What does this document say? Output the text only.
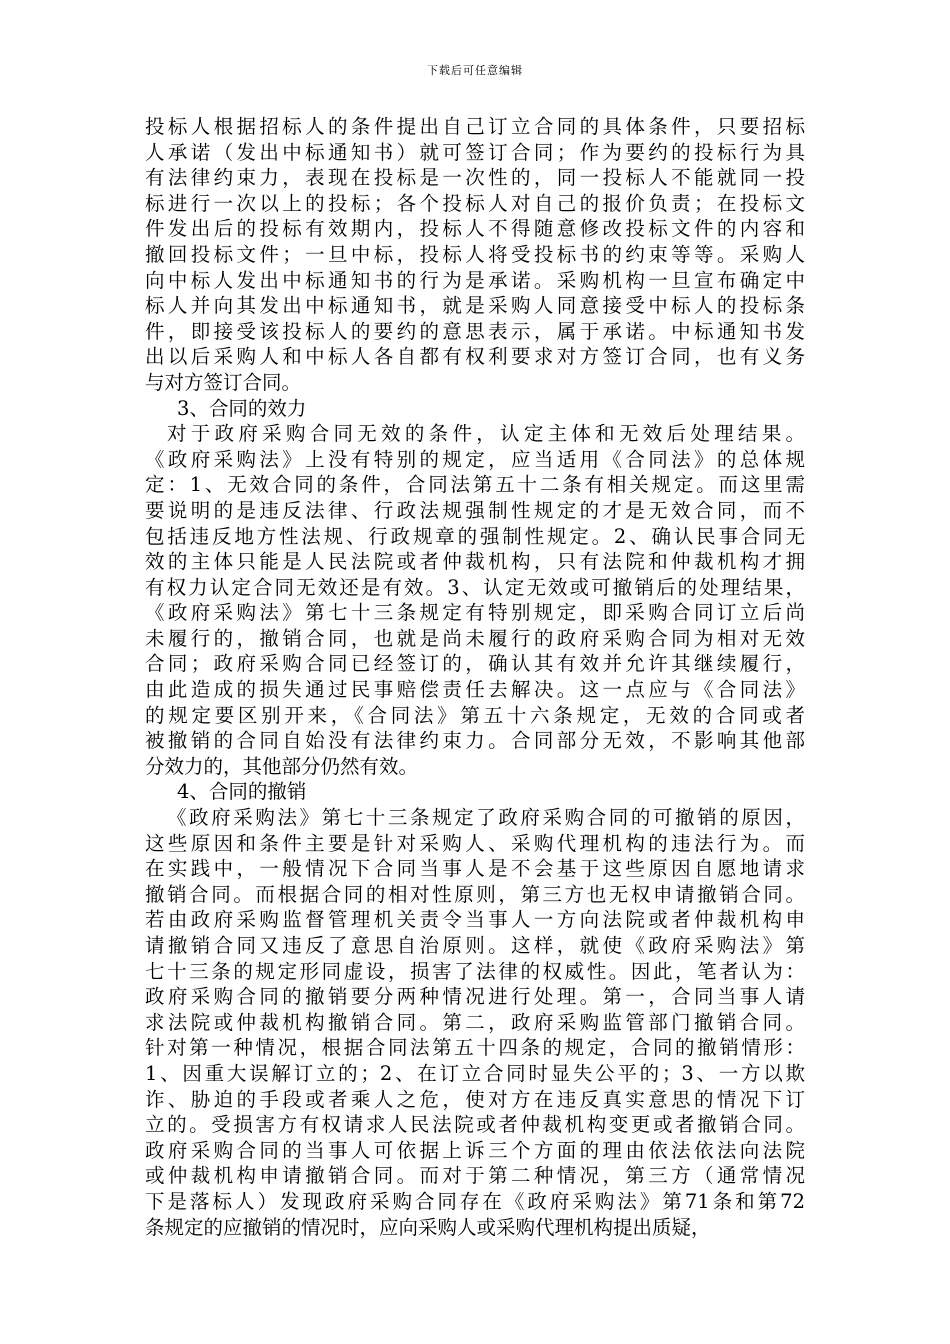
下载后可任意编辑
投标人根据招标人的条件提出自己订立合同的具体条件，只要招标
人承诺（发出中标通知书）就可签订合同；作为要约的投标行为具
有法律约束力，表现在投标是一次性的，同一投标人不能就同一投
标进行一次以上的投标；各个投标人对自己的报价负责；在投标文
件发出后的投标有效期内，投标人不得随意修改投标文件的内容和
撤回投标文件；一旦中标，投标人将受投标书的约束等等。采购人
向中标人发出中标通知书的行为是承诺。采购机构一旦宣布确定中
标人并向其发出中标通知书，就是采购人同意接受中标人的投标条
件，即接受该投标人的要约的意思表示，属于承诺。中标通知书发
出以后采购人和中标人各自都有权利要求对方签订合同，也有义务
与对方签订合同。
3、合同的效力
对于政府采购合同无效的条件，认定主体和无效后处理结果。
《政府采购法》上没有特别的规定，应当适用《合同法》的总体规
定：1、无效合同的条件，合同法第五十二条有相关规定。而这里需
要说明的是违反法律、行政法规强制性规定的才是无效合同，而不
包括违反地方性法规、行政规章的强制性规定。2、确认民事合同无
效的主体只能是人民法院或者仲裁机构，只有法院和仲裁机构才拥
有权力认定合同无效还是有效。3、认定无效或可撤销后的处理结果，
《政府采购法》第七十三条规定有特别规定，即采购合同订立后尚
未履行的，撤销合同，也就是尚未履行的政府采购合同为相对无效
合同；政府采购合同已经签订的，确认其有效并允许其继续履行，
由此造成的损失通过民事赔偿责任去解决。这一点应与《合同法》
的规定要区别开来，《合同法》第五十六条规定，无效的合同或者
被撤销的合同自始没有法律约束力。合同部分无效，不影响其他部
分效力的，其他部分仍然有效。
4、合同的撤销
《政府采购法》第七十三条规定了政府采购合同的可撤销的原因，
这些原因和条件主要是针对采购人、采购代理机构的违法行为。而
在实践中，一般情况下合同当事人是不会基于这些原因自愿地请求
撤销合同。而根据合同的相对性原则，第三方也无权申请撤销合同。
若由政府采购监督管理机关责令当事人一方向法院或者仲裁机构申
请撤销合同又违反了意思自治原则。这样，就使《政府采购法》第
七十三条的规定形同虚设，损害了法律的权威性。因此，笔者认为：
政府采购合同的撤销要分两种情况进行处理。第一，合同当事人请
求法院或仲裁机构撤销合同。第二，政府采购监管部门撤销合同。
针对第一种情况，根据合同法第五十四条的规定，合同的撤销情形：
1、因重大误解订立的；2、在订立合同时显失公平的；3、一方以欺
诈、胁迫的手段或者乘人之危，使对方在违反真实意思的情况下订
立的。受损害方有权请求人民法院或者仲裁机构变更或者撤销合同。
政府采购合同的当事人可依据上诉三个方面的理由依法依法向法院
或仲裁机构申请撤销合同。而对于第二种情况，第三方（通常情况
下是落标人）发现政府采购合同存在《政府采购法》第71条和第72
条规定的应撤销的情况时，应向采购人或采购代理机构提出质疑，
